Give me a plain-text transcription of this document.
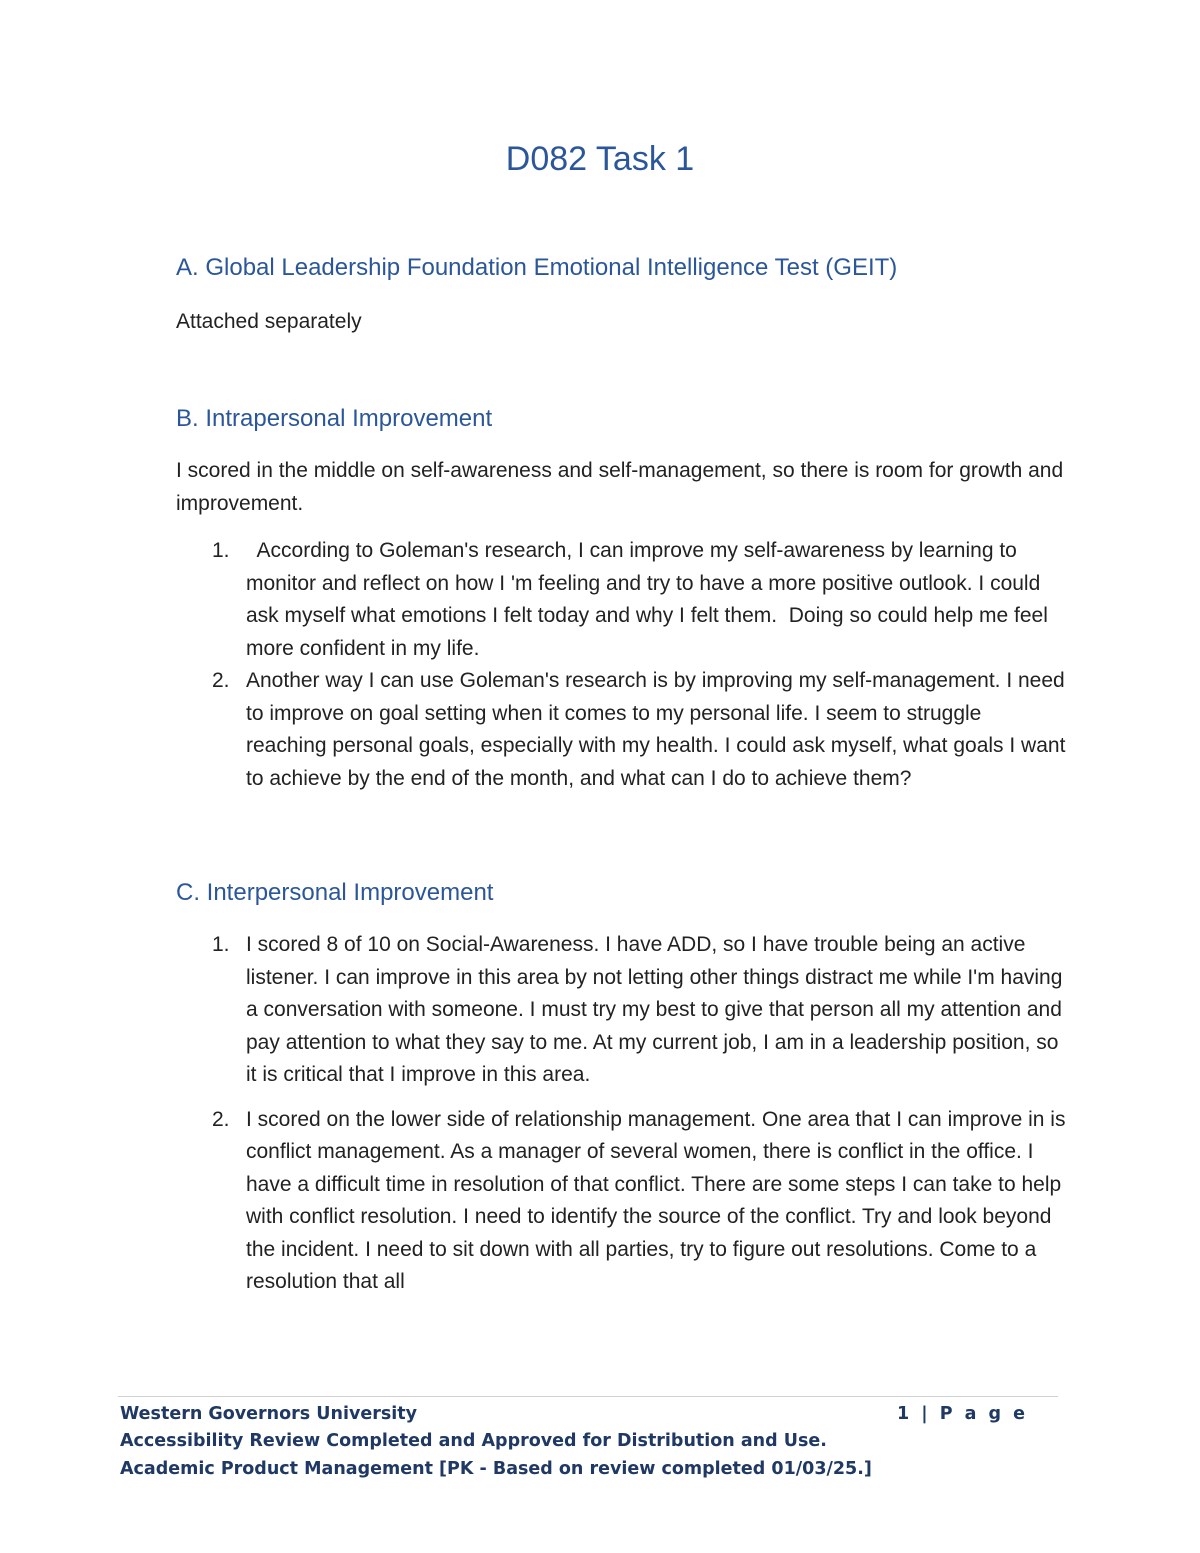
D082 Task 1
A. Global Leadership Foundation Emotional Intelligence Test (GEIT)

Attached separately

B. Intrapersonal Improvement

I scored in the middle on self-awareness and self-management, so there is room for growth and improvement.

1. According to Goleman's research, I can improve my self-awareness by learning to monitor and reflect on how I 'm feeling and try to have a more positive outlook. I could ask myself what emotions I felt today and why I felt them.  Doing so could help me feel more confident in my life.
2. Another way I can use Goleman's research is by improving my self-management. I need to improve on goal setting when it comes to my personal life. I seem to struggle reaching personal goals, especially with my health. I could ask myself, what goals I want to achieve by the end of the month, and what can I do to achieve them?
C. Interpersonal Improvement
1. I scored 8 of 10 on Social-Awareness. I have ADD, so I have trouble being an active listener. I can improve in this area by not letting other things distract me while I'm having a conversation with someone. I must try my best to give that person all my attention and pay attention to what they say to me. At my current job, I am in a leadership position, so it is critical that I improve in this area.
2. I scored on the lower side of relationship management. One area that I can improve in is conflict management. As a manager of several women, there is conflict in the office. I have a difficult time in resolution of that conflict. There are some steps I can take to help with conflict resolution. I need to identify the source of the conflict. Try and look beyond the incident. I need to sit down with all parties, try to figure out resolutions. Come to a resolution that all

Western Governors University	1 | P a g e

Accessibility Review Completed and Approved for Distribution and Use.

Academic Product Management [PK - Based on review completed 01/03/25.]
